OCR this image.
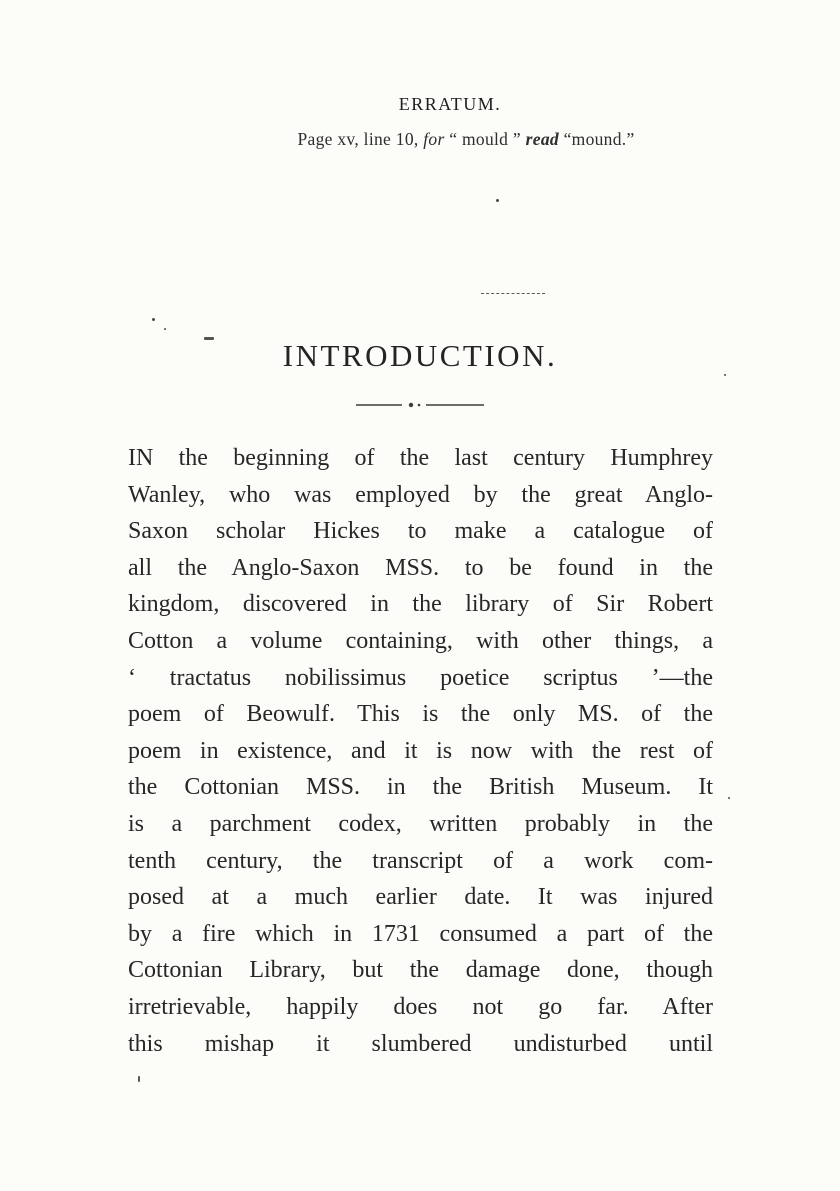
ERRATUM.
Page xv, line 10, for “ mould ” read “mound.”
INTRODUCTION.
IN the beginning of the last century Humphrey
Wanley, who was employed by the great Anglo-
Saxon scholar Hickes to make a catalogue of
all the Anglo-Saxon MSS. to be found in the
kingdom, discovered in the library of Sir Robert
Cotton a volume containing, with other things, a
‘ tractatus nobilissimus poetice scriptus ’—the
poem of Beowulf. This is the only MS. of the
poem in existence, and it is now with the rest of
the Cottonian MSS. in the British Museum. It
is a parchment codex, written probably in the
tenth century, the transcript of a work com-
posed at a much earlier date. It was injured
by a fire which in 1731 consumed a part of the
Cottonian Library, but the damage done, though
irretrievable, happily does not go far. After
this mishap it slumbered undisturbed until
